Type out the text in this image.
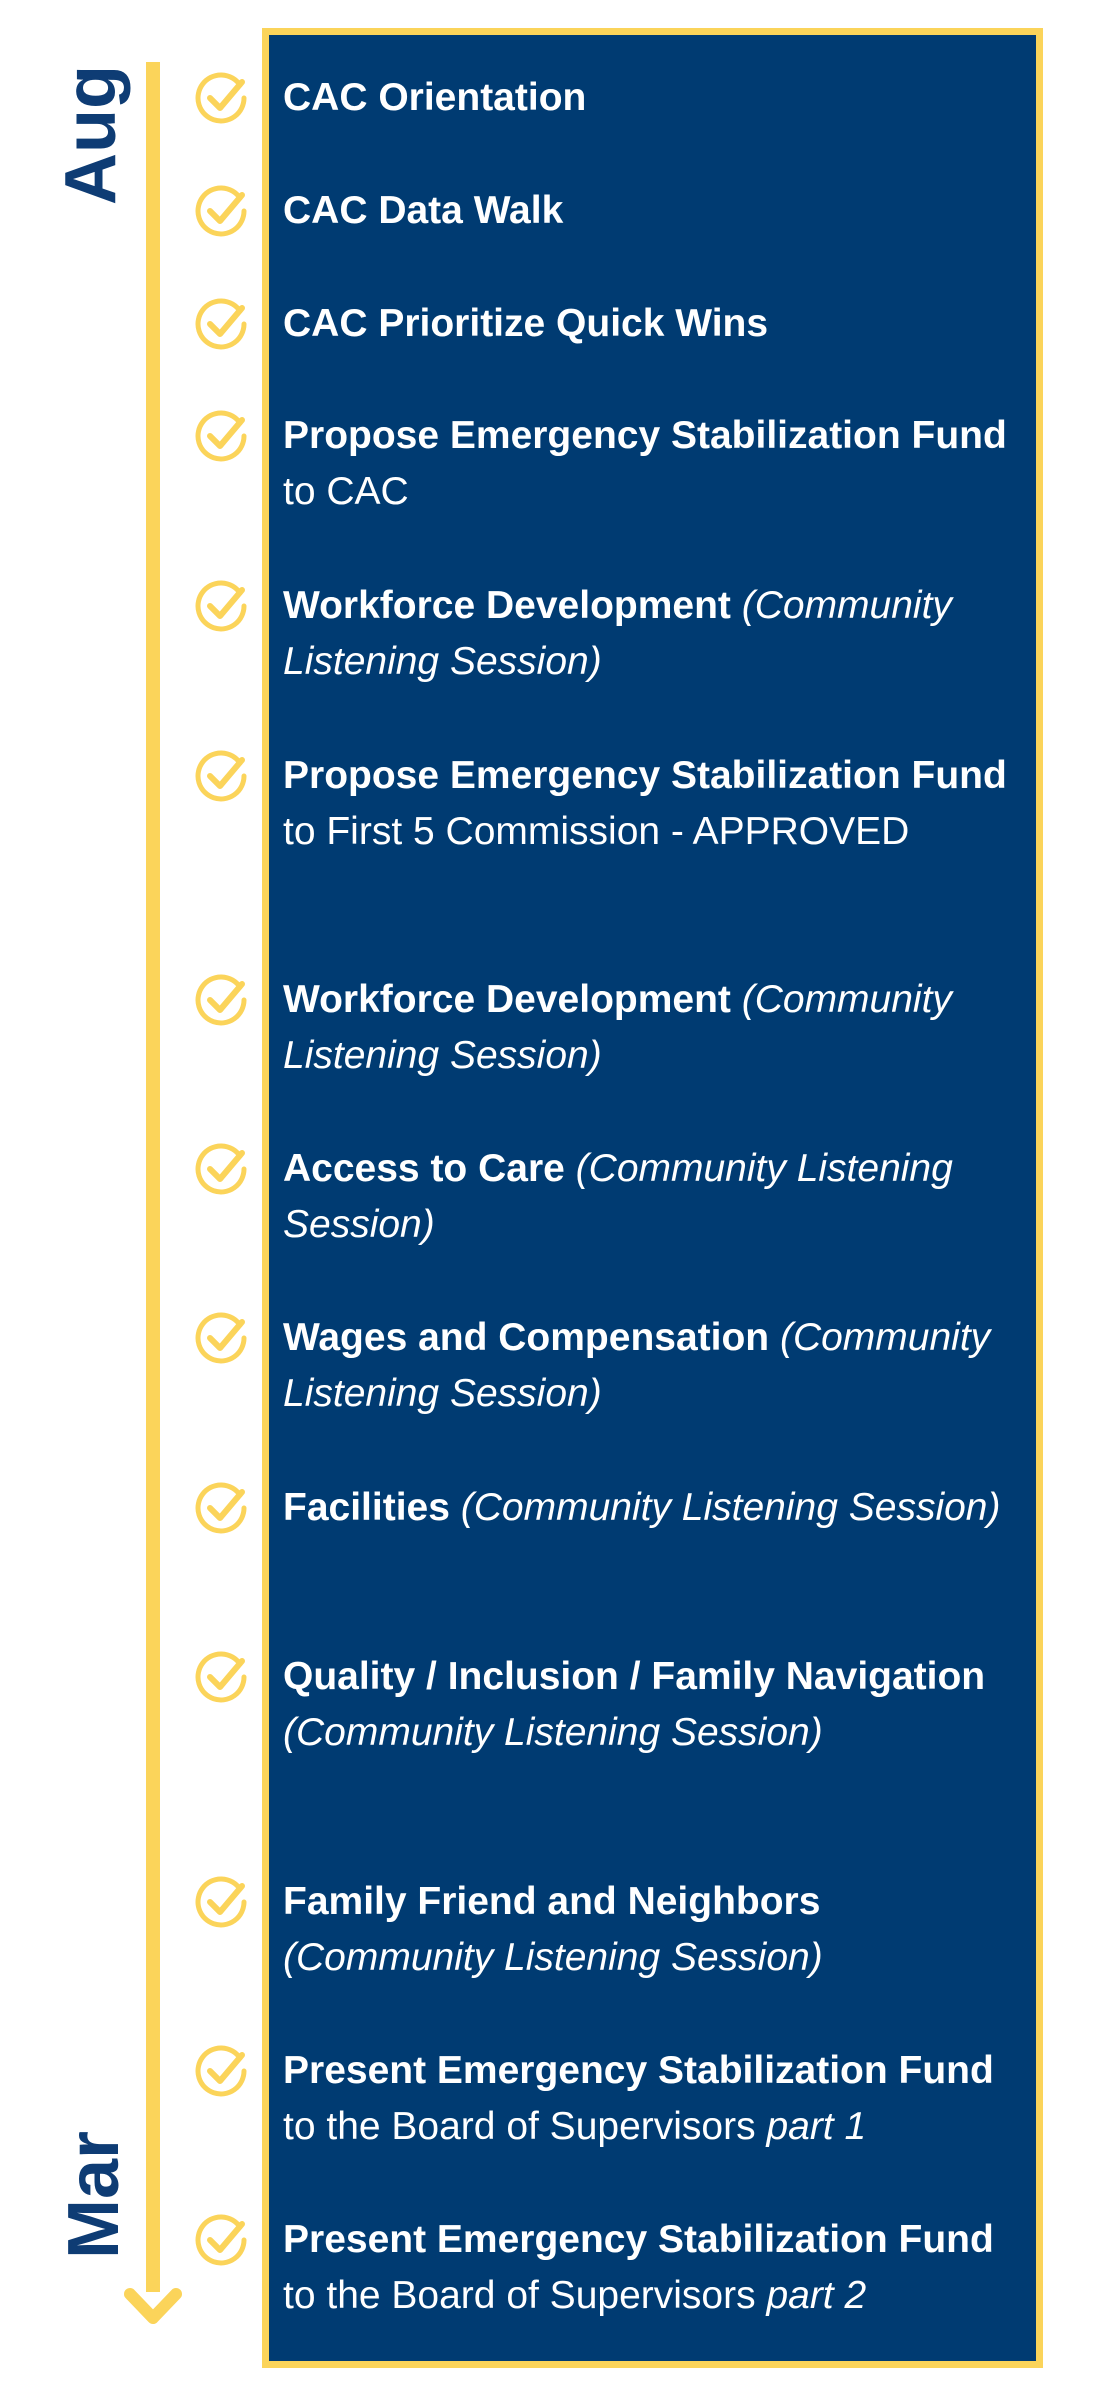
Aug
Mar
CAC Orientation
CAC Data Walk
CAC Prioritize Quick Wins
Propose Emergency Stabilization Fund to CAC
Workforce Development (Community Listening Session)
Propose Emergency Stabilization Fund to First 5 Commission - APPROVED
Workforce Development (Community Listening Session)
Access to Care (Community Listening Session)
Wages and Compensation (Community Listening Session)
Facilities (Community Listening Session)
Quality / Inclusion / Family Navigation (Community Listening Session)
Family Friend and Neighbors (Community Listening Session)
Present Emergency Stabilization Fund to the Board of Supervisors part 1
Present Emergency Stabilization Fund to the Board of Supervisors part 2
